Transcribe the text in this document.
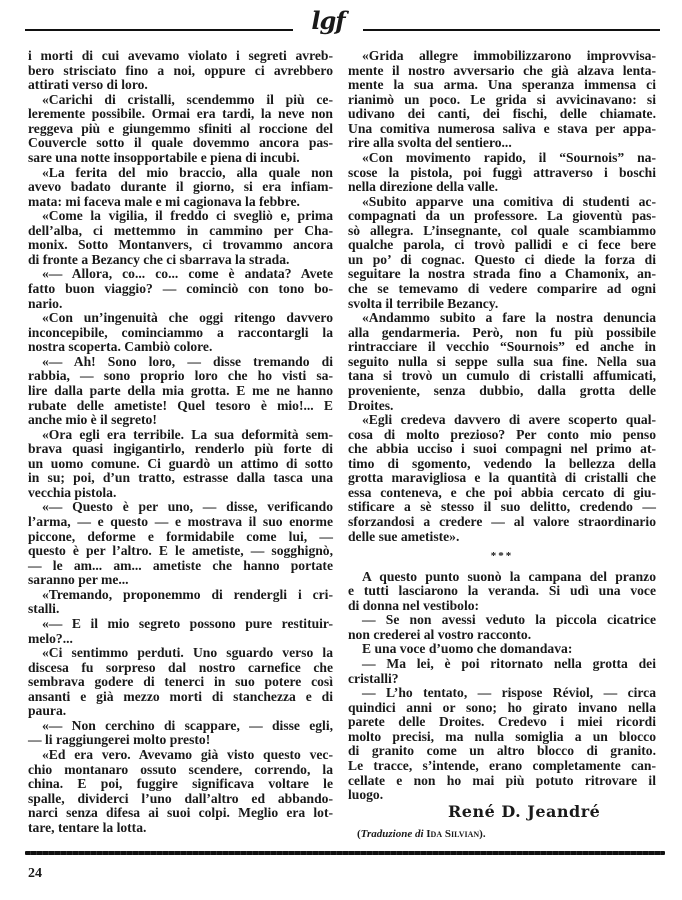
lgf
i morti di cui avevamo violato i segreti avreb-
bero strisciato fino a noi, oppure ci avrebbero
attirati verso di loro.
«Carichi di cristalli, scendemmo il più ce-
leremente possibile. Ormai era tardi, la neve non
reggeva più e giungemmo sfiniti al roccione del
Couvercle sotto il quale dovemmo ancora pas-
sare una notte insopportabile e piena di incubi.
«La ferita del mio braccio, alla quale non
avevo badato durante il giorno, si era infiam-
mata: mi faceva male e mi cagionava la febbre.
«Come la vigilia, il freddo ci svegliò e, prima
dell’alba, ci mettemmo in cammino per Cha-
monix. Sotto Montanvers, ci trovammo ancora
di fronte a Bezancy che ci sbarrava la strada.
«— Allora, co... co... come è andata? Avete
fatto buon viaggio? — cominciò con tono bo-
nario.
«Con un’ingenuità che oggi ritengo davvero
inconcepibile, cominciammo a raccontargli la
nostra scoperta. Cambiò colore.
«— Ah! Sono loro, — disse tremando di
rabbia, — sono proprio loro che ho visti sa-
lire dalla parte della mia grotta. E me ne hanno
rubate delle ametiste! Quel tesoro è mio!... E
anche mio è il segreto!
«Ora egli era terribile. La sua deformità sem-
brava quasi ingigantirlo, renderlo più forte di
un uomo comune. Ci guardò un attimo di sotto
in su; poi, d’un tratto, estrasse dalla tasca una
vecchia pistola.
«— Questo è per uno, — disse, verificando
l’arma, — e questo — e mostrava il suo enorme
piccone, deforme e formidabile come lui, —
questo è per l’altro. E le ametiste, — sogghignò,
— le am... am... ametiste che hanno portate
saranno per me...
«Tremando, proponemmo di rendergli i cri-
stalli.
«— E il mio segreto possono pure restituir-
melo?...
«Ci sentimmo perduti. Uno sguardo verso la
discesa fu sorpreso dal nostro carnefice che
sembrava godere di tenerci in suo potere così
ansanti e già mezzo morti di stanchezza e di
paura.
«— Non cerchino di scappare, — disse egli,
— li raggiungerei molto presto!
«Ed era vero. Avevamo già visto questo vec-
chio montanaro ossuto scendere, correndo, la
china. E poi, fuggire significava voltare le
spalle, dividerci l’uno dall’altro ed abbando-
narci senza difesa ai suoi colpi. Meglio era lot-
tare, tentare la lotta.
«Grida allegre immobilizzarono improvvisa-
mente il nostro avversario che già alzava lenta-
mente la sua arma. Una speranza immensa ci
rianimò un poco. Le grida si avvicinavano: si
udivano dei canti, dei fischi, delle chiamate.
Una comitiva numerosa saliva e stava per appa-
rire alla svolta del sentiero...
«Con movimento rapido, il “Sournois” na-
scose la pistola, poi fuggì attraverso i boschi
nella direzione della valle.
«Subito apparve una comitiva di studenti ac-
compagnati da un professore. La gioventù pas-
sò allegra. L’insegnante, col quale scambiammo
qualche parola, ci trovò pallidi e ci fece bere
un po’ di cognac. Questo ci diede la forza di
seguitare la nostra strada fino a Chamonix, an-
che se temevamo di vedere comparire ad ogni
svolta il terribile Bezancy.
«Andammo subito a fare la nostra denuncia
alla gendarmeria. Però, non fu più possibile
rintracciare il vecchio “Sournois” ed anche in
seguito nulla si seppe sulla sua fine. Nella sua
tana si trovò un cumulo di cristalli affumicati,
proveniente, senza dubbio, dalla grotta delle
Droites.
«Egli credeva davvero di avere scoperto qual-
cosa di molto prezioso? Per conto mio penso
che abbia ucciso i suoi compagni nel primo at-
timo di sgomento, vedendo la bellezza della
grotta maravigliosa e la quantità di cristalli che
essa conteneva, e che poi abbia cercato di giu-
stificare a sè stesso il suo delitto, credendo —
sforzandosi a credere — al valore straordinario
delle sue ametiste».
***
A questo punto suonò la campana del pranzo
e tutti lasciarono la veranda. Si udì una voce
di donna nel vestibolo:
— Se non avessi veduto la piccola cicatrice
non crederei al vostro racconto.
E una voce d’uomo che domandava:
— Ma lei, è poi ritornato nella grotta dei
cristalli?
— L’ho tentato, — rispose Réviol, — circa
quindici anni or sono; ho girato invano nella
parete delle Droites. Credevo i miei ricordi
molto precisi, ma nulla somiglia a un blocco
di granito come un altro blocco di granito.
Le tracce, s’intende, erano completamente can-
cellate e non ho mai più potuto ritrovare il
luogo.
René D. Jeandré
(Traduzione di Ida Silvian).
24
